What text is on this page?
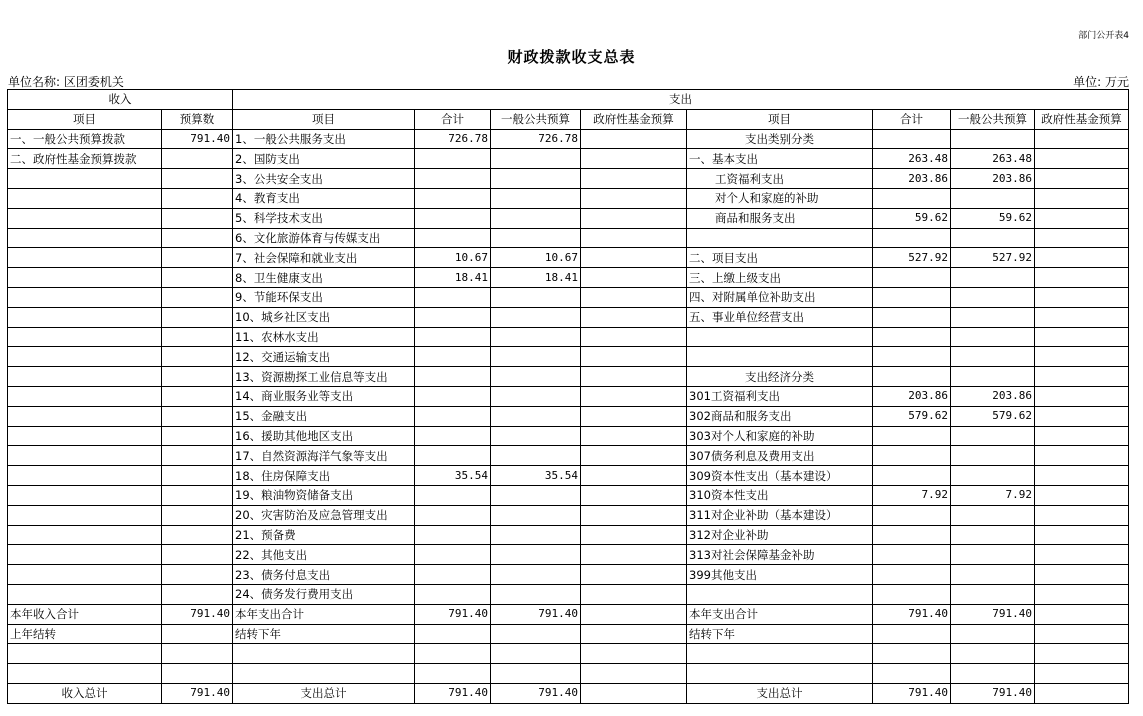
部门公开表4
财政拨款收支总表
单位名称: 区团委机关	单位: 万元
收入		支出							
项目	预算数	项目	合计	一般公共预算	政府性基金预算	项目	合计	一般公共预算	政府性基金预算
一、一般公共预算拨款	791.40	1、一般公共服务支出	726.78	726.78		支出类别分类			
二、政府性基金预算拨款		2、国防支出				一、基本支出	263.48	263.48	
		3、公共安全支出				工资福利支出	203.86	203.86	
		4、教育支出				对个人和家庭的补助			
		5、科学技术支出				商品和服务支出	59.62	59.62	
		6、文化旅游体育与传媒支出							
		7、社会保障和就业支出	10.67	10.67		二、项目支出	527.92	527.92	
		8、卫生健康支出	18.41	18.41		三、上缴上级支出			
		9、节能环保支出				四、对附属单位补助支出			
		10、城乡社区支出				五、事业单位经营支出			
		11、农林水支出							
		12、交通运输支出							
		13、资源勘探工业信息等支出				支出经济分类			
		14、商业服务业等支出				301工资福利支出	203.86	203.86	
		15、金融支出				302商品和服务支出	579.62	579.62	
		16、援助其他地区支出				303对个人和家庭的补助			
		17、自然资源海洋气象等支出				307债务利息及费用支出			
		18、住房保障支出	35.54	35.54		309资本性支出（基本建设）			
		19、粮油物资储备支出				310资本性支出	7.92	7.92	
		20、灾害防治及应急管理支出				311对企业补助（基本建设）			
		21、预备费				312对企业补助			
		22、其他支出				313对社会保障基金补助			
		23、债务付息支出				399其他支出			
		24、债务发行费用支出							
本年收入合计	791.40	本年支出合计	791.40	791.40		本年支出合计	791.40	791.40	
上年结转		结转下年				结转下年			

收入总计	791.40	支出总计	791.40	791.40		支出总计	791.40	791.40	
